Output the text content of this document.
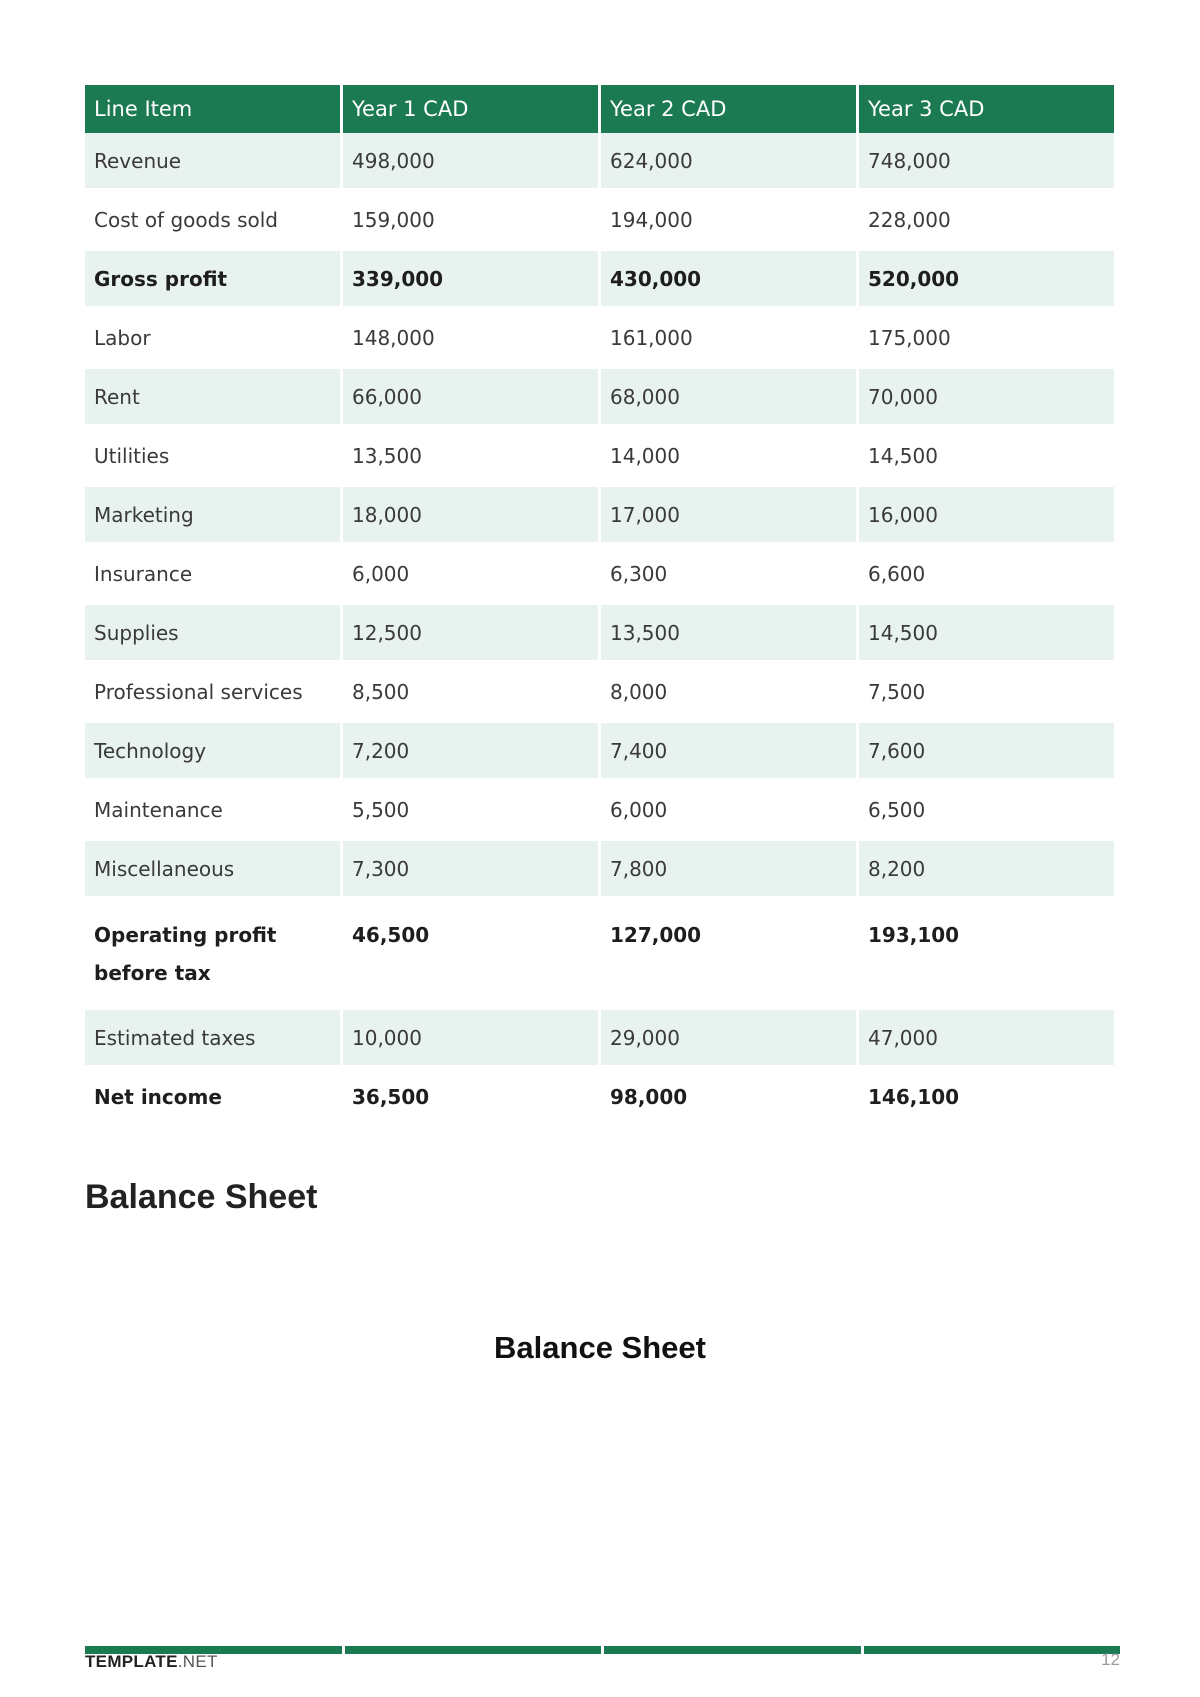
Line Item	Year 1 CAD	Year 2 CAD	Year 3 CAD
Revenue	498,000	624,000	748,000
Cost of goods sold	159,000	194,000	228,000
Gross profit	339,000	430,000	520,000
Labor	148,000	161,000	175,000
Rent	66,000	68,000	70,000
Utilities	13,500	14,000	14,500
Marketing	18,000	17,000	16,000
Insurance	6,000	6,300	6,600
Supplies	12,500	13,500	14,500
Professional services	8,500	8,000	7,500
Technology	7,200	7,400	7,600
Maintenance	5,500	6,000	6,500
Miscellaneous	7,300	7,800	8,200
Operating profit before tax	46,500	127,000	193,100
Estimated taxes	10,000	29,000	47,000
Net income	36,500	98,000	146,100
Balance Sheet
Balance Sheet
TEMPLATE.NET	12
